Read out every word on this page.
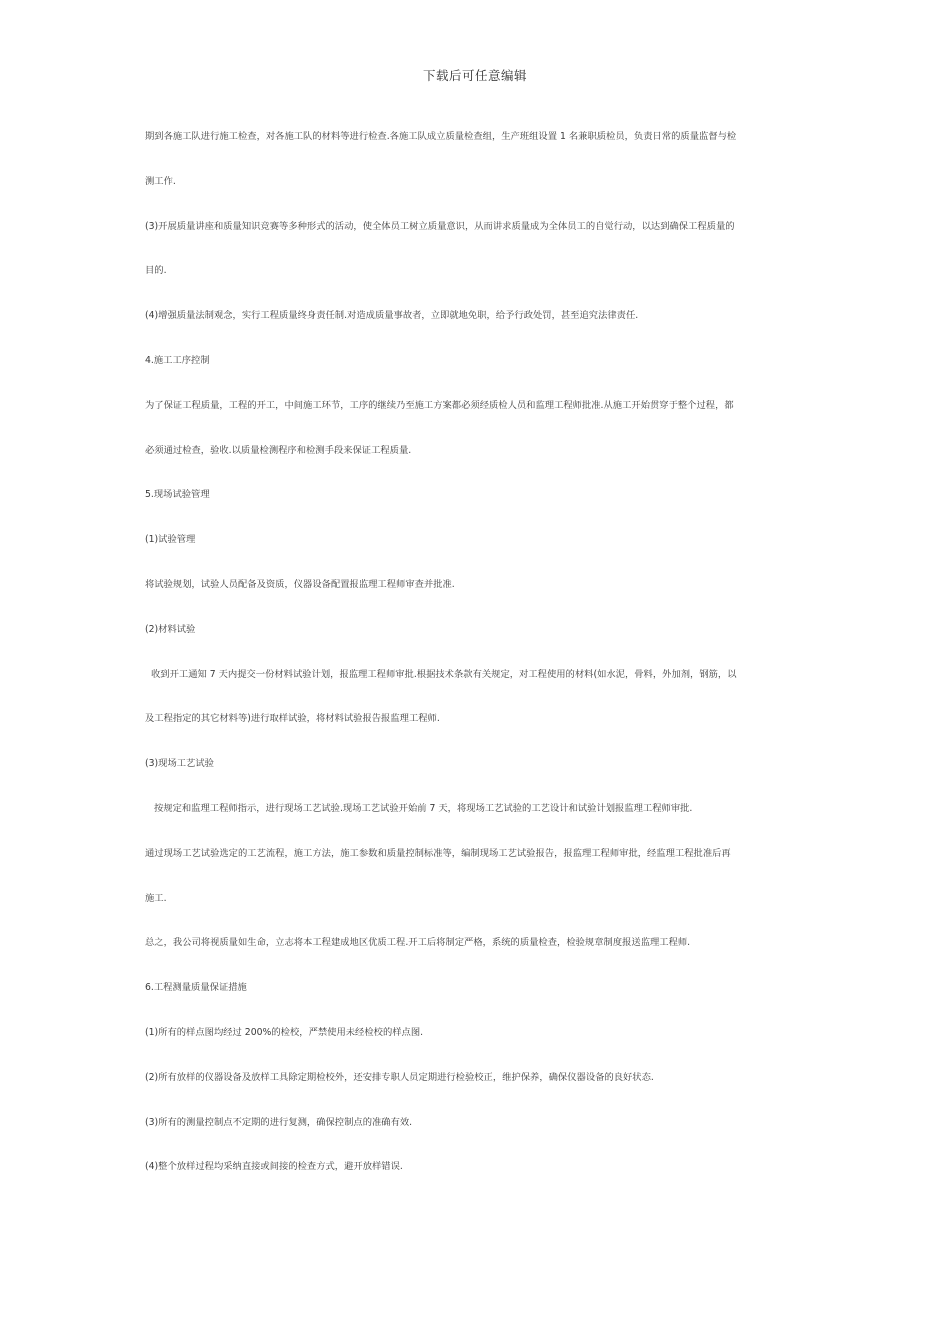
下载后可任意编辑
期到各施工队进行施工检查，对各施工队的材料等进行检查.各施工队成立质量检查组，生产班组设置 1 名兼职质检员，负责日常的质量监督与检
测工作.
(3)开展质量讲座和质量知识竞赛等多种形式的活动，使全体员工树立质量意识，从而讲求质量成为全体员工的自觉行动，以达到确保工程质量的
目的.
(4)增强质量法制观念，实行工程质量终身责任制.对造成质量事故者，立即就地免职，给予行政处罚，甚至追究法律责任.
4.施工工序控制
为了保证工程质量，工程的开工，中间施工环节，工序的继续乃至施工方案都必须经质检人员和监理工程师批准.从施工开始贯穿于整个过程，都
必须通过检查，验收.以质量检测程序和检测手段来保证工程质量.
5.现场试验管理
(1)试验管理
将试验规划，试验人员配备及资质，仪器设备配置报监理工程师审查并批准.
(2)材料试验
收到开工通知 7 天内提交一份材料试验计划，报监理工程师审批.根据技术条款有关规定，对工程使用的材料(如水泥，骨料，外加剂，钢筋，以
及工程指定的其它材料等)进行取样试验，将材料试验报告报监理工程师.
(3)现场工艺试验
按规定和监理工程师指示，进行现场工艺试验.现场工艺试验开始前 7 天，将现场工艺试验的工艺设计和试验计划报监理工程师审批.
通过现场工艺试验选定的工艺流程，施工方法，施工参数和质量控制标准等，编制现场工艺试验报告，报监理工程师审批，经监理工程批准后再
施工.
总之，我公司将视质量如生命，立志将本工程建成地区优质工程.开工后将制定严格，系统的质量检查，检验规章制度报送监理工程师.
6.工程测量质量保证措施
(1)所有的样点图均经过 200%的检校，严禁使用未经检校的样点图.
(2)所有放样的仪器设备及放样工具除定期检校外，还安排专职人员定期进行检验校正，维护保养，确保仪器设备的良好状态.
(3)所有的测量控制点不定期的进行复测，确保控制点的准确有效.
(4)整个放样过程均采纳直接或间接的检查方式，避开放样错误.
